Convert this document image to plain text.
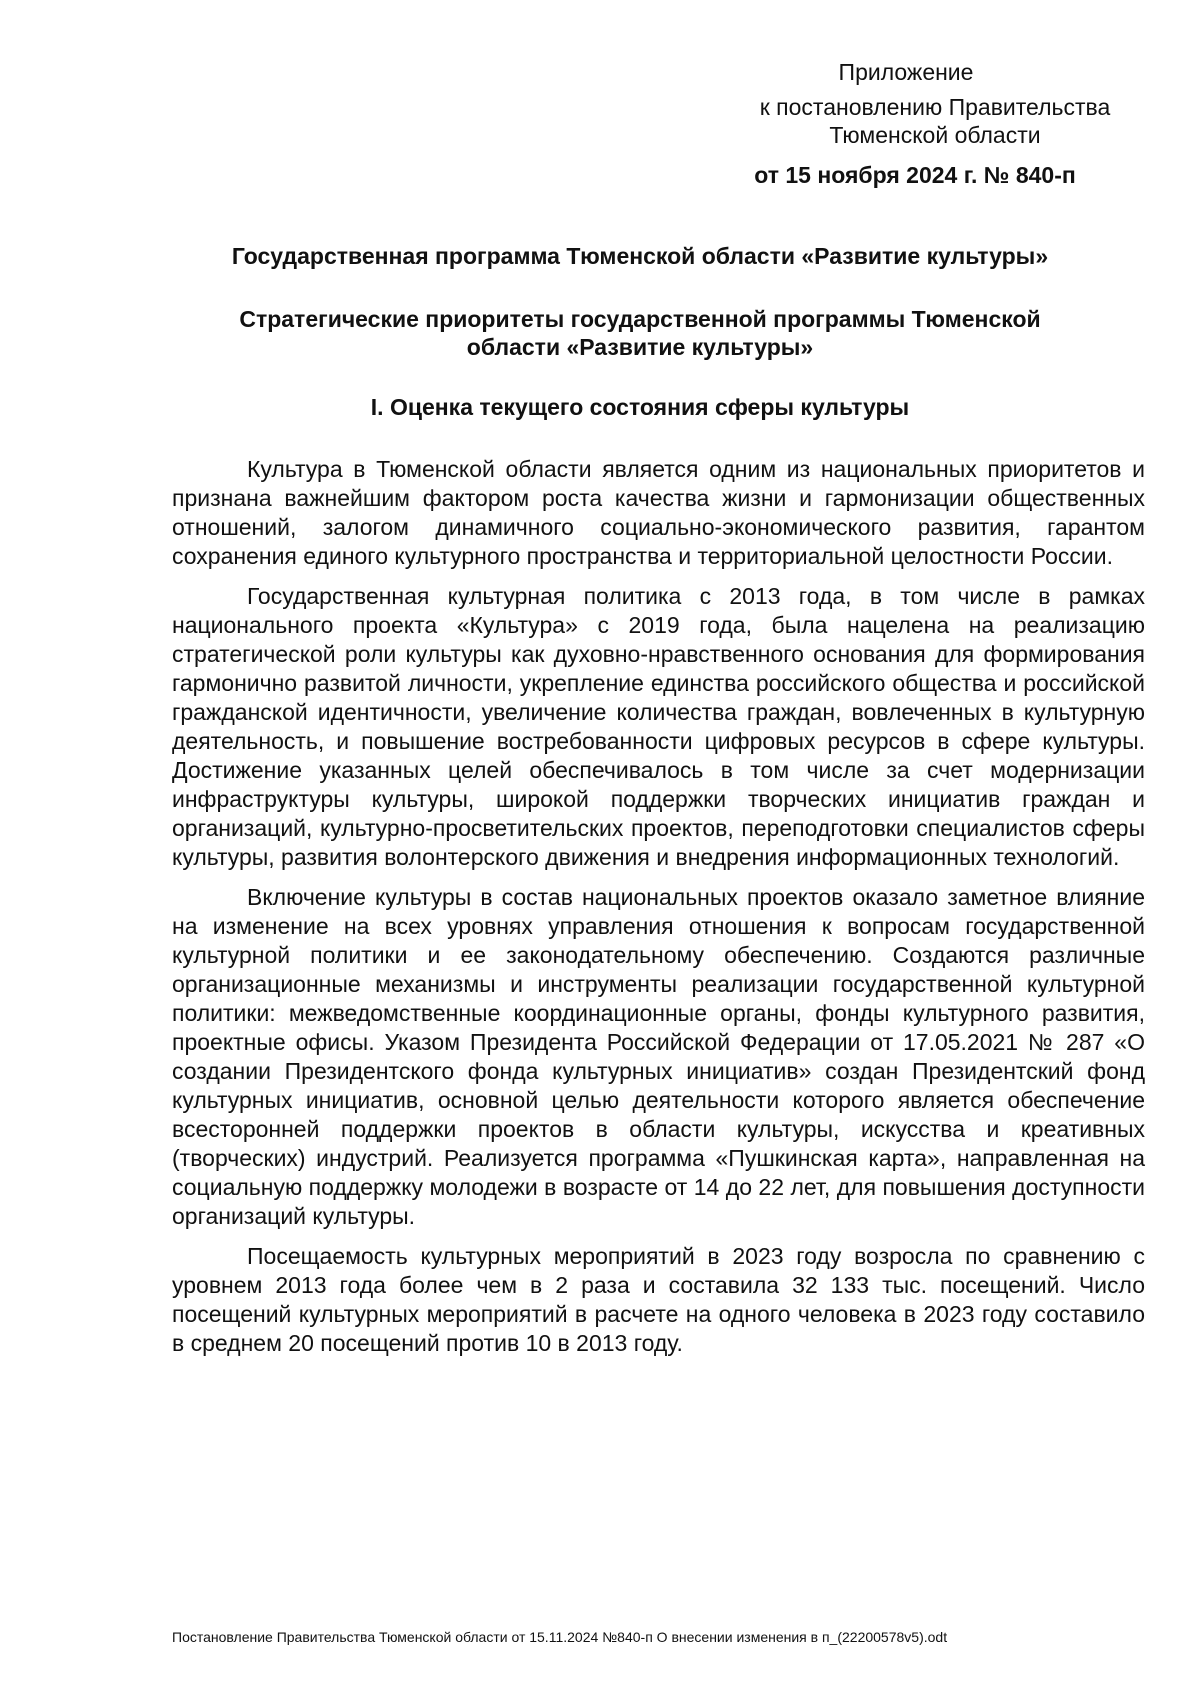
Приложение
к постановлению Правительства
Тюменской области
от 15 ноября 2024 г. № 840-п
Государственная программа Тюменской области «Развитие культуры»
Стратегические приоритеты государственной программы Тюменской области «Развитие культуры»
I. Оценка текущего состояния сферы культуры

Культура в Тюменской области является одним из национальных приоритетов и признана важнейшим фактором роста качества жизни и гармонизации общественных отношений, залогом динамичного социально-экономического развития, гарантом сохранения единого культурного пространства и территориальной целостности России.

Государственная культурная политика с 2013 года, в том числе в рамках национального проекта «Культура» с 2019 года, была нацелена на реализацию стратегической роли культуры как духовно-нравственного основания для формирования гармонично развитой личности, укрепление единства российского общества и российской гражданской идентичности, увеличение количества граждан, вовлеченных в культурную деятельность, и повышение востребованности цифровых ресурсов в сфере культуры. Достижение указанных целей обеспечивалось в том числе за счет модернизации инфраструктуры культуры, широкой поддержки творческих инициатив граждан и организаций, культурно-просветительских проектов, переподготовки специалистов сферы культуры, развития волонтерского движения и внедрения информационных технологий.

Включение культуры в состав национальных проектов оказало заметное влияние на изменение на всех уровнях управления отношения к вопросам государственной культурной политики и ее законодательному обеспечению. Создаются различные организационные механизмы и инструменты реализации государственной культурной политики: межведомственные координационные органы, фонды культурного развития, проектные офисы. Указом Президента Российской Федерации от 17.05.2021 № 287 «О создании Президентского фонда культурных инициатив» создан Президентский фонд культурных инициатив, основной целью деятельности которого является обеспечение всесторонней поддержки проектов в области культуры, искусства и креативных (творческих) индустрий. Реализуется программа «Пушкинская карта», направленная на социальную поддержку молодежи в возрасте от 14 до 22 лет, для повышения доступности организаций культуры.

Посещаемость культурных мероприятий в 2023 году возросла по сравнению с уровнем 2013 года более чем в 2 раза и составила 32 133 тыс. посещений. Число посещений культурных мероприятий в расчете на одного человека в 2023 году составило в среднем 20 посещений против 10 в 2013 году.

Постановление Правительства Тюменской области от 15.11.2024 №840-п О внесении изменения в п_(22200578v5).odt
